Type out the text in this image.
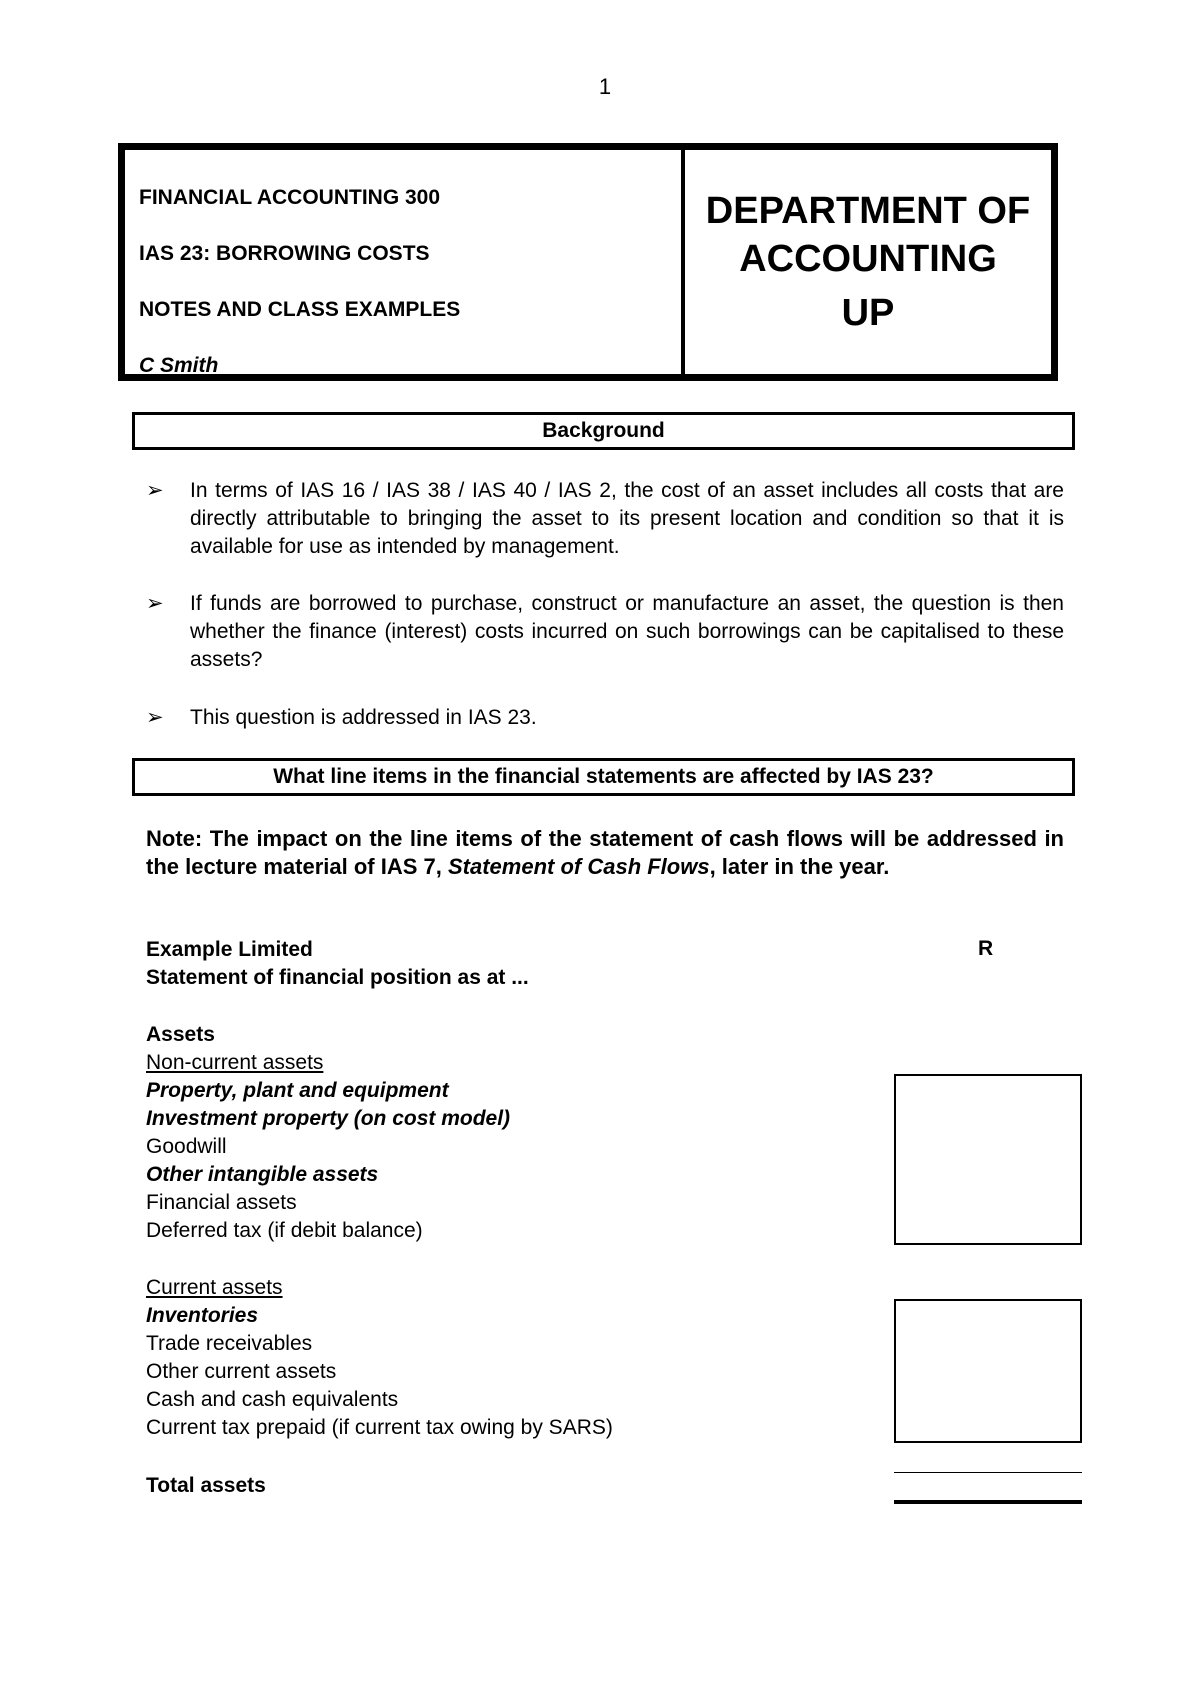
1
FINANCIAL ACCOUNTING 300
IAS 23: BORROWING COSTS
NOTES AND CLASS EXAMPLES
C Smith
DEPARTMENT OF
ACCOUNTING
UP
Background
➢ In terms of IAS 16 / IAS 38 / IAS 40 / IAS 2, the cost of an asset includes all costs that are directly attributable to bringing the asset to its present location and condition so that it is available for use as intended by management.
➢ If funds are borrowed to purchase, construct or manufacture an asset, the question is then whether the finance (interest) costs incurred on such borrowings can be capitalised to these assets?
➢ This question is addressed in IAS 23.
What line items in the financial statements are affected by IAS 23?
Note: The impact on the line items of the statement of cash flows will be addressed in the lecture material of IAS 7, Statement of Cash Flows, later in the year.
Example Limited	R
Statement of financial position as at ...
Assets
Non-current assets
Property, plant and equipment
Investment property (on cost model)
Goodwill
Other intangible assets
Financial assets
Deferred tax (if debit balance)
Current assets
Inventories
Trade receivables
Other current assets
Cash and cash equivalents
Current tax prepaid (if current tax owing by SARS)
Total assets
